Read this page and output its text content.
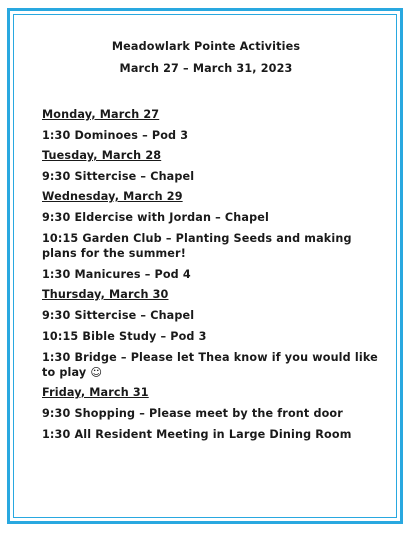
Meadowlark Pointe Activities
March 27 – March 31, 2023
Monday, March 27
1:30 Dominoes – Pod 3
Tuesday, March 28
9:30 Sittercise – Chapel
Wednesday, March 29
9:30 Eldercise with Jordan – Chapel
10:15 Garden Club – Planting Seeds and making plans for the summer!
1:30 Manicures – Pod 4
Thursday, March 30
9:30 Sittercise – Chapel
10:15 Bible Study – Pod 3
1:30 Bridge – Please let Thea know if you would like to play ☺
Friday, March 31
9:30 Shopping – Please meet by the front door
1:30 All Resident Meeting in Large Dining Room
